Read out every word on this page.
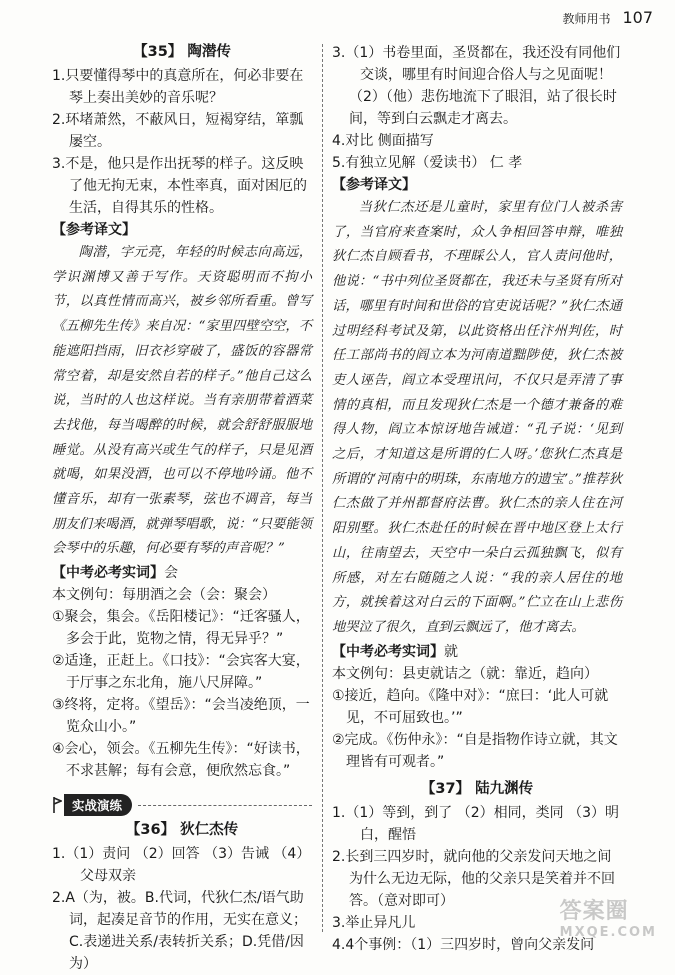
教师用书 107

【35】 陶潜传

1.只要懂得琴中的真意所在，何必非要在琴上奏出美妙的音乐呢？

2.环堵萧然，不蔽风日，短褐穿结，箪瓢屡空。

3.不是，他只是作出抚琴的样子。这反映了他无拘无束，本性率真，面对困厄的生活，自得其乐的性格。

【参考译文】

陶潜，字元亮，年轻的时候志向高远，学识渊博又善于写作。天资聪明而不拘小节，以真性情而高兴，被乡邻所看重。曾写《五柳先生传》来自况：“家里四壁空空，不能遮阳挡雨，旧衣衫穿破了，盛饭的容器常常空着，却是安然自若的样子。”他自己这么说，当时的人也这样说。当有亲朋带着酒菜去找他，每当喝醉的时候，就会舒舒服服地睡觉。从没有高兴或生气的样子，只是见酒就喝，如果没酒，也可以不停地吟诵。他不懂音乐，却有一张素琴，弦也不调音，每当朋友们来喝酒，就弹琴唱歌，说：“只要能领会琴中的乐趣，何必要有琴的声音呢？”

【中考必考实词】会

本文例句：每朋酒之会（会：聚会）

①聚会，集会。《岳阳楼记》：“迁客骚人，多会于此，览物之情，得无异乎？”

②适逢，正赶上。《口技》：“会宾客大宴，于厅事之东北角，施八尺屏障。”

③终将，定将。《望岳》：“会当凌绝顶，一览众山小。”

④会心，领会。《五柳先生传》：“好读书，不求甚解；每有会意，便欣然忘食。”

实战演练

【36】 狄仁杰传

1.（1）责问 （2）回答 （3）告诫 （4）父母双亲

2.A（为，被。B.代词，代狄仁杰/语气助词，起凑足音节的作用，无实在意义；C.表递进关系/表转折关系；D.凭借/因为）

3.（1）书卷里面，圣贤都在，我还没有同他们交谈，哪里有时间迎合俗人与之见面呢！

（2）（他）悲伤地流下了眼泪，站了很长时间，等到白云飘走才离去。

4.对比 侧面描写

5.有独立见解（爱读书） 仁 孝

【参考译文】

当狄仁杰还是儿童时，家里有位门人被杀害了，当官府来查案时，众人争相回答申辩，唯独狄仁杰自顾看书，不理睬公人，官人责问他时，他说：“书中列位圣贤都在，我还未与圣贤有所对话，哪里有时间和世俗的官吏说话呢？”狄仁杰通过明经科考试及第，以此资格出任汴州判佐，时任工部尚书的阎立本为河南道黜陟使，狄仁杰被吏人诬告，阎立本受理讯问，不仅只是弄清了事情的真相，而且发现狄仁杰是一个德才兼备的难得人物，阎立本惊讶地告诫道：“孔子说：‘见到之后，才知道这是所谓的仁人呀。’您狄仁杰真是所谓的‘河南中的明珠，东南地方的遗宝’。”推荐狄仁杰做了并州都督府法曹。狄仁杰的亲人住在河阳别墅。狄仁杰赴任的时候在晋中地区登上太行山，往南望去，天空中一朵白云孤独飘飞，似有所感，对左右随随之人说：“我的亲人居住的地方，就挨着这对白云的下面啊。”伫立在山上悲伤地哭泣了很久，直到云飘远了，他才离去。

【中考必考实词】就

本文例句：县吏就诘之（就：靠近，趋向）

①接近，趋向。《隆中对》：“庶曰：‘此人可就见，不可屈致也。’”

②完成。《伤仲永》：“自是指物作诗立就，其文理皆有可观者。”

【37】 陆九渊传

1.（1）等到，到了 （2）相同，类同 （3）明白，醒悟

2.长到三四岁时，就向他的父亲发问天地之间为什么无边无际，他的父亲只是笑着并不回答。（意对即可）

3.举止异凡儿

4.4个事例：（1）三四岁时，曾向父亲发问

答案圈
MXQE.COM
